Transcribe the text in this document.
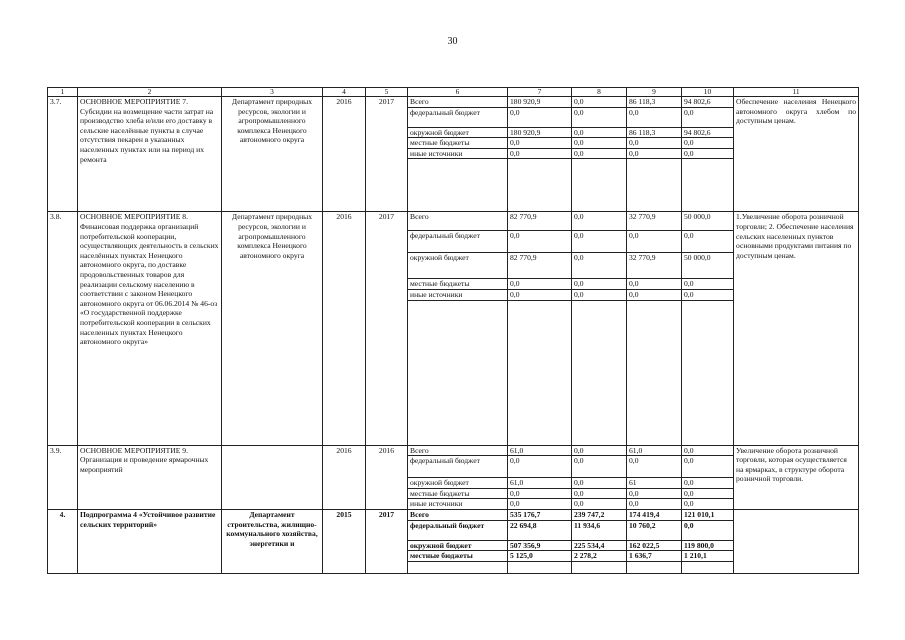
30
1	2	3	4	5	6	7	8	9	10	11
3.7.	ОСНОВНОЕ МЕРОПРИЯТИЕ 7. Субсидии на возмещение части затрат на производство хлеба и/или его доставку в сельские населённые пункты в случае отсутствия пекарен в указанных населенных пунктах или на период их ремонта	Департамент природных ресурсов, экологии и агропромышленного комплекса Ненецкого автономного округа	2016	2017	Всего	180 920,9	0,0	86 118,3	94 802,6	Обеспечение населения Ненецкого автономного округа хлебом по доступным ценам.
					федеральный бюджет	0,0	0,0	0,0	0,0	
					окружной бюджет	180 920,9	0,0	86 118,3	94 802,6	
					местные бюджеты	0,0	0,0	0,0	0,0	
					иные источники	0,0	0,0	0,0	0,0	

3.8.	ОСНОВНОЕ МЕРОПРИЯТИЕ 8. Финансовая поддержка организаций потребительской кооперации, осуществляющих деятельность в сельских населённых пунктах Ненецкого автономного округа, по доставке продовольственных товаров для реализации сельскому населению в соответствии с законом Ненецкого автономного округа от 06.06.2014 № 46-оз «О государственной поддержке потребительской кооперации в сельских населенных пунктах Ненецкого автономного округа»	Департамент природных ресурсов, экологии и агропромышленного комплекса Ненецкого автономного округа	2016	2017	Всего	82 770,9	0,0	32 770,9	50 000,0	1.Увеличение оборота розничной торговли; 2. Обеспечение населения сельских населенных пунктов основными продуктами питания по доступным ценам.
					федеральный бюджет	0,0	0,0	0,0	0,0	
					окружной бюджет	82 770,9	0,0	32 770,9	50 000,0	
					местные бюджеты	0,0	0,0	0,0	0,0	
					иные источники	0,0	0,0	0,0	0,0	

3.9.	ОСНОВНОЕ МЕРОПРИЯТИЕ 9. Организация и проведение ярмарочных мероприятий		2016	2016	Всего	61,0	0,0	61,0	0,0	Увеличение оборота розничной торговли, которая осуществляется на ярмарках, в структуре оборота розничной торговли.
					федеральный бюджет	0,0	0,0	0,0	0,0	
					окружной бюджет	61,0	0,0	61	0,0	
					местные бюджеты	0,0	0,0	0,0	0,0	
					иные источники	0,0	0,0	0,0	0,0	
4.	Подпрограмма 4 «Устойчивое развитие сельских территорий»	Департамент строительства, жилищно-коммунального хозяйства, энергетики и	2015	2017	Всего	535 176,7	239 747,2	174 419,4	121 010,1	
					федеральный бюджет	22 694,8	11 934,6	10 760,2	0,0	
					окружной бюджет	507 356,9	225 534,4	162 022,5	119 800,0	
					местные бюджеты	5 125,0	2 278,2	1 636,7	1 210,1	
